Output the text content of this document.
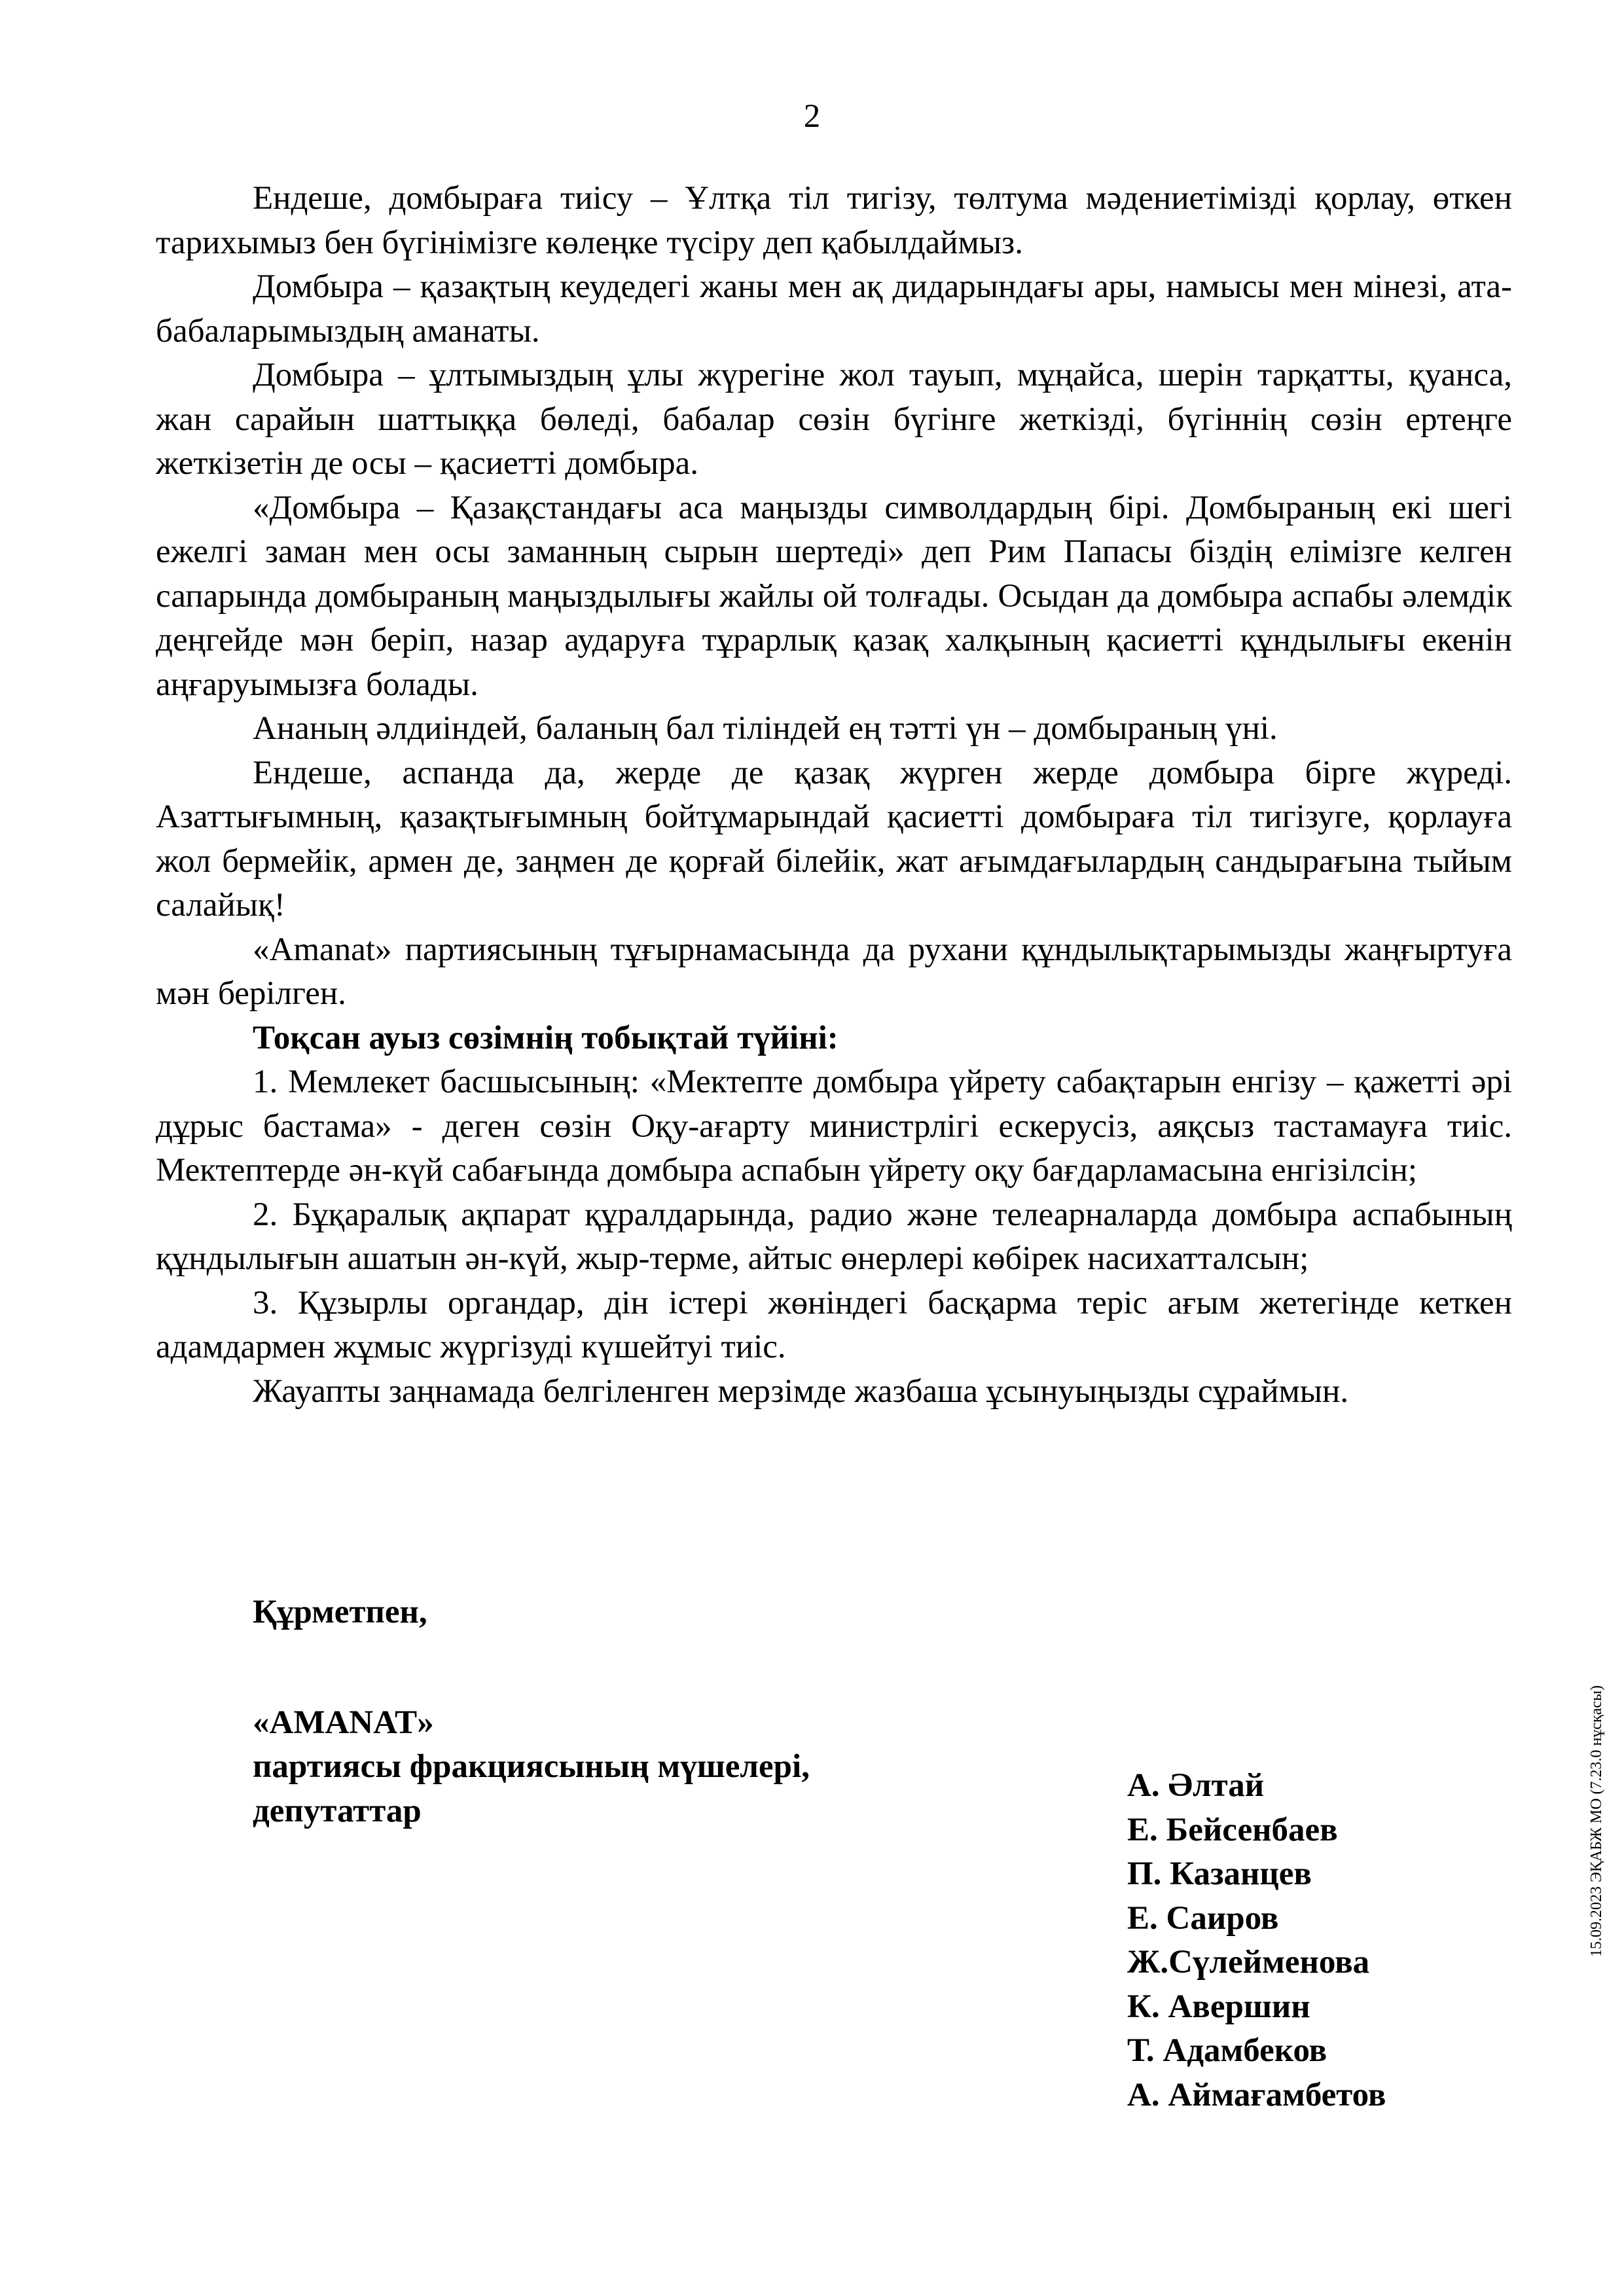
2

Ендеше, домбыраға тиісу – Ұлтқа тіл тигізу, төлтума мәдениетімізді қорлау, өткен тарихымыз бен бүгінімізге көлеңке түсіру деп қабылдаймыз.

Домбыра – қазақтың кеудедегі жаны мен ақ дидарындағы ары, намысы мен мінезі, ата-бабаларымыздың аманаты.

Домбыра – ұлтымыздың ұлы жүрегіне жол тауып, мұңайса, шерін тарқатты, қуанса, жан сарайын шаттыққа бөледі, бабалар сөзін бүгінге жеткізді, бүгіннің сөзін ертеңге жеткізетін де осы – қасиетті домбыра.

«Домбыра – Қазақстандағы аса маңызды символдардың бірі. Домбыраның екі шегі ежелгі заман мен осы заманның сырын шертеді» деп Рим Папасы біздің елімізге келген сапарында домбыраның маңыздылығы жайлы ой толғады. Осыдан да домбыра аспабы әлемдік деңгейде мән беріп, назар аударуға тұрарлық қазақ халқының қасиетті құндылығы екенін аңғаруымызға болады.

Ананың әлдиіндей, баланың бал тіліндей ең тәтті үн – домбыраның үні.

Ендеше, аспанда да, жерде де қазақ жүрген жерде домбыра бірге жүреді. Азаттығымның, қазақтығымның бойтұмарындай қасиетті домбыраға тіл тигізуге, қорлауға жол бермейік, армен де, заңмен де қорғай білейік, жат ағымдағылардың сандырағына тыйым салайық!

«Amanat» партиясының тұғырнамасында да рухани құндылықтарымызды жаңғыртуға мән берілген.

Тоқсан ауыз сөзімнің тобықтай түйіні:

1. Мемлекет басшысының: «Мектепте домбыра үйрету сабақтарын енгізу – қажетті әрі дұрыс бастама» - деген сөзін Оқу-ағарту министрлігі ескерусіз, аяқсыз тастамауға тиіс. Мектептерде ән-күй сабағында домбыра аспабын үйрету оқу бағдарламасына енгізілсін;

2. Бұқаралық ақпарат құралдарында, радио және телеарналарда домбыра аспабының құндылығын ашатын ән-күй, жыр-терме, айтыс өнерлері көбірек насихатталсын;

3. Құзырлы органдар, дін істері жөніндегі басқарма теріс ағым жетегінде кеткен адамдармен жұмыс жүргізуді күшейтуі тиіс.

Жауапты заңнамада белгіленген мерзімде жазбаша ұсынуыңызды сұраймын.

Құрметпен,
«AMANAT»
партиясы фракциясының мүшелері,
депутаттар
А. Әлтай
Е. Бейсенбаев
П. Казанцев
Е. Саиров
Ж.Сүлейменова
К. Авершин
Т. Адамбеков
А. Аймағамбетов
15.09.2023 ЭҚАБЖ МО (7.23.0 нұсқасы)
